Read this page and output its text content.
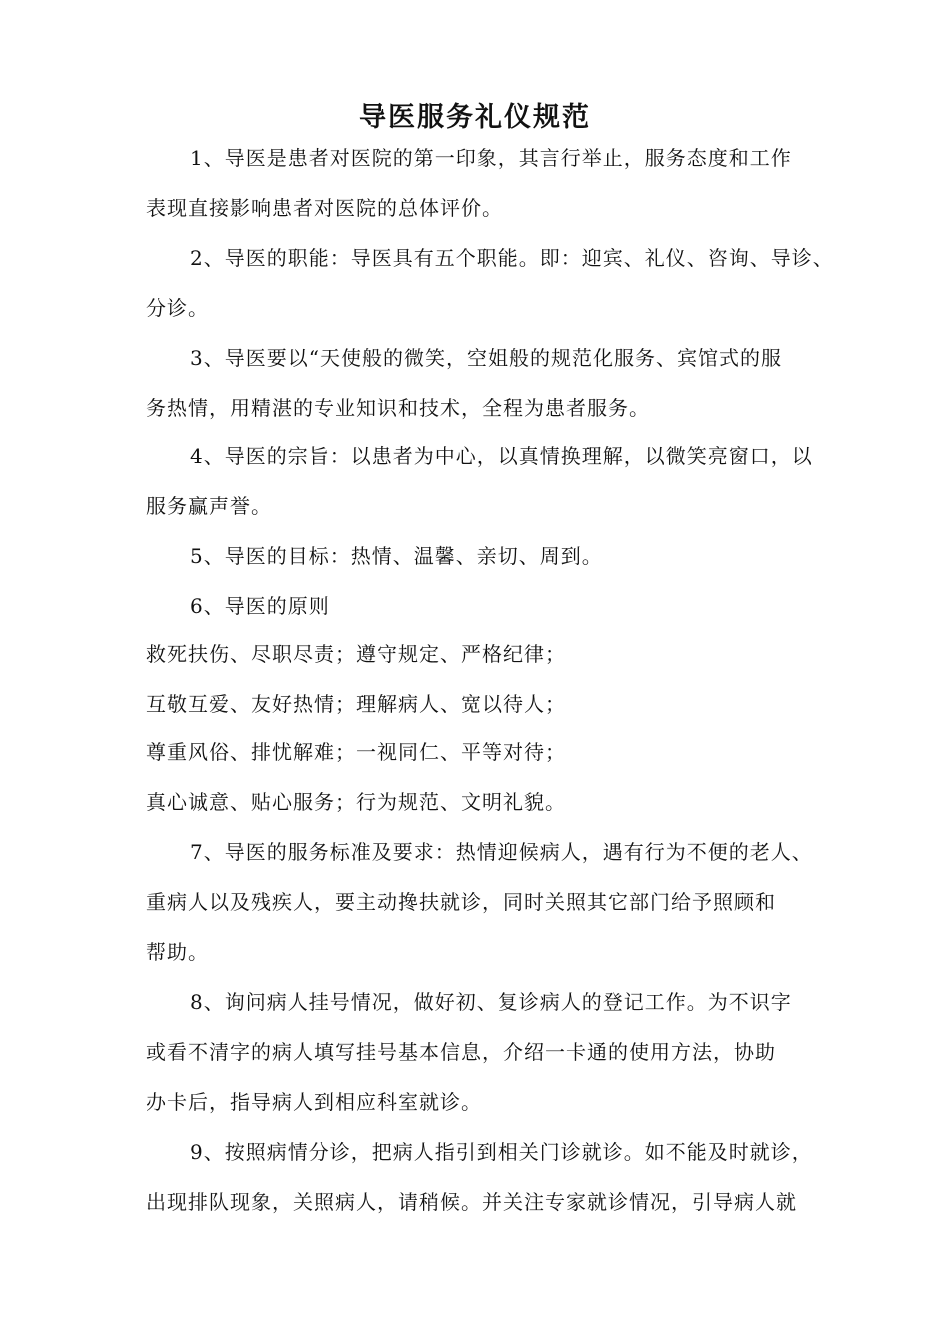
导医服务礼仪规范
1、导医是患者对医院的第一印象，其言行举止，服务态度和工作
表现直接影响患者对医院的总体评价。
2、导医的职能：导医具有五个职能。即：迎宾、礼仪、咨询、导诊、
分诊。
3、导医要以“天使般的微笑，空姐般的规范化服务、宾馆式的服
务热情，用精湛的专业知识和技术，全程为患者服务。
4、导医的宗旨：以患者为中心，以真情换理解，以微笑亮窗口，以
服务赢声誉。
5、导医的目标：热情、温馨、亲切、周到。
6、导医的原则
救死扶伤、尽职尽责；遵守规定、严格纪律；
互敬互爱、友好热情；理解病人、宽以待人；
尊重风俗、排忧解难；一视同仁、平等对待；
真心诚意、贴心服务；行为规范、文明礼貌。
7、导医的服务标准及要求：热情迎候病人，遇有行为不便的老人、
重病人以及残疾人，要主动搀扶就诊，同时关照其它部门给予照顾和
帮助。
8、询问病人挂号情况，做好初、复诊病人的登记工作。为不识字
或看不清字的病人填写挂号基本信息，介绍一卡通的使用方法，协助
办卡后，指导病人到相应科室就诊。
9、按照病情分诊，把病人指引到相关门诊就诊。如不能及时就诊，
出现排队现象，关照病人，请稍候。并关注专家就诊情况，引导病人就
